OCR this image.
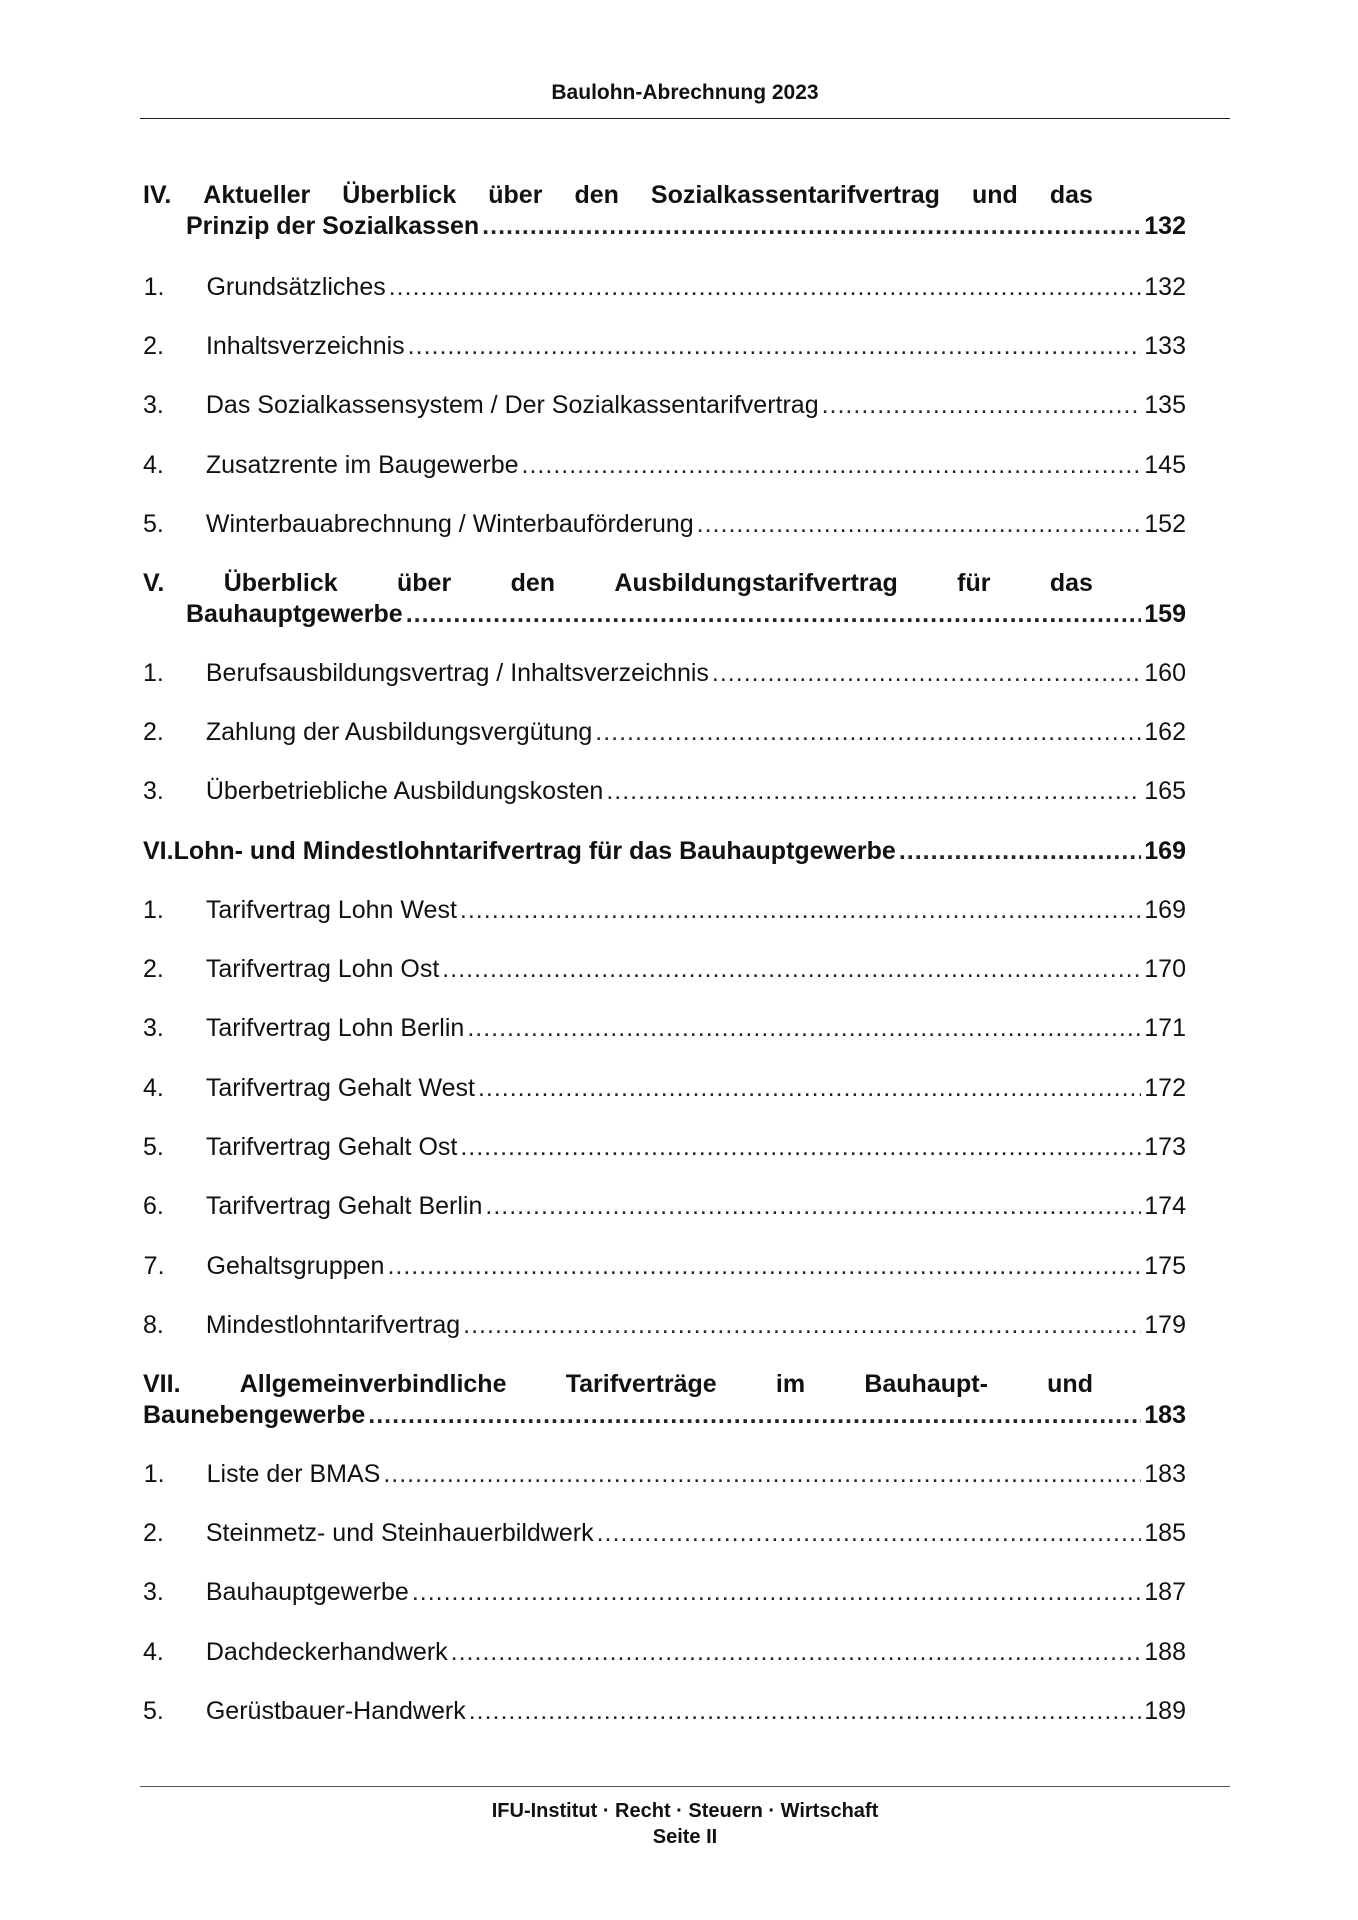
Baulohn-Abrechnung 2023
IV. Aktueller Überblick über den Sozialkassentarifvertrag und das
Prinzip der Sozialkassen .....	132
1. Grundsätzliches .....	132
2. Inhaltsverzeichnis .....	133
3. Das Sozialkassensystem / Der Sozialkassentarifvertrag .....	135
4. Zusatzrente im Baugewerbe .....	145
5. Winterbauabrechnung / Winterbauförderung .....	152
V. Überblick über den Ausbildungstarifvertrag für das
Bauhauptgewerbe .....	159
1. Berufsausbildungsvertrag / Inhaltsverzeichnis .....	160
2. Zahlung der Ausbildungsvergütung .....	162
3. Überbetriebliche Ausbildungskosten .....	165
VI. Lohn- und Mindestlohntarifvertrag für das Bauhauptgewerbe .....	169
1. Tarifvertrag Lohn West .....	169
2. Tarifvertrag Lohn Ost .....	170
3. Tarifvertrag Lohn Berlin .....	171
4. Tarifvertrag Gehalt West .....	172
5. Tarifvertrag Gehalt Ost .....	173
6. Tarifvertrag Gehalt Berlin .....	174
7. Gehaltsgruppen .....	175
8. Mindestlohntarifvertrag .....	179
VII. Allgemeinverbindliche Tarifverträge im Bauhaupt- und
Baunebengewerbe .....	183
1. Liste der BMAS .....	183
2. Steinmetz- und Steinhauerbildwerk .....	185
3. Bauhauptgewerbe .....	187
4. Dachdeckerhandwerk .....	188
5. Gerüstbauer-Handwerk .....	189
IFU-Institut · Recht · Steuern · Wirtschaft
Seite II
